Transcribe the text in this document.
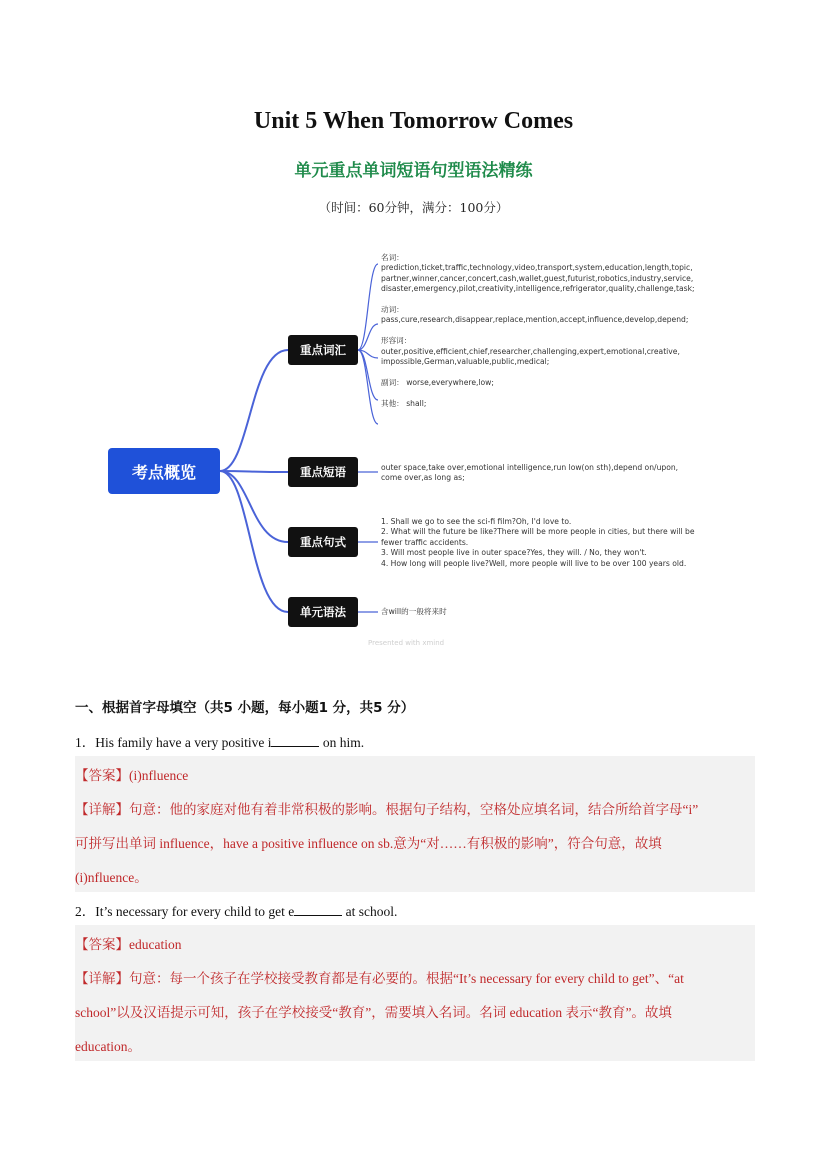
Unit 5 When Tomorrow Comes
单元重点单词短语句型语法精练
（时间：60分钟，满分：100分）
考点概览
重点词汇
重点短语
重点句式
单元语法
名词：
prediction,ticket,traffic,technology,video,transport,system,education,length,topic,
partner,winner,cancer,concert,cash,wallet,guest,futurist,robotics,industry,service,
disaster,emergency,pilot,creativity,intelligence,refrigerator,quality,challenge,task;

动词：
pass,cure,research,disappear,replace,mention,accept,influence,develop,depend;

形容词：
outer,positive,efficient,chief,researcher,challenging,expert,emotional,creative,
impossible,German,valuable,public,medical;

副词： worse,everywhere,low;

其他： shall;
outer space,take over,emotional intelligence,run low(on sth),depend on/upon,
come over,as long as;
1. Shall we go to see the sci-fi film?Oh, I'd love to.
2. What will the future be like?There will be more people in cities, but there will be
fewer traffic accidents.
3. Will most people live in outer space?Yes, they will. / No, they won't.
4. How long will people live?Well, more people will live to be over 100 years old.
含will的一般将来时
Presented with xmind
一、根据首字母填空（共5 小题，每小题1 分，共5 分）
1．His family have a very positive i	on him.
【答案】(i)nfluence
【详解】句意：他的家庭对他有着非常积极的影响。根据句子结构，空格处应填名词，结合所给首字母“i”
可拼写出单词 influence，have a positive influence on sb.意为“对……有积极的影响”，符合句意，故填
(i)nfluence。
2．It’s necessary for every child to get e	at school.
【答案】education
【详解】句意：每一个孩子在学校接受教育都是有必要的。根据“It’s necessary for every child to get”、“at
school”以及汉语提示可知，孩子在学校接受“教育”，需要填入名词。名词 education 表示“教育”。故填
education。
